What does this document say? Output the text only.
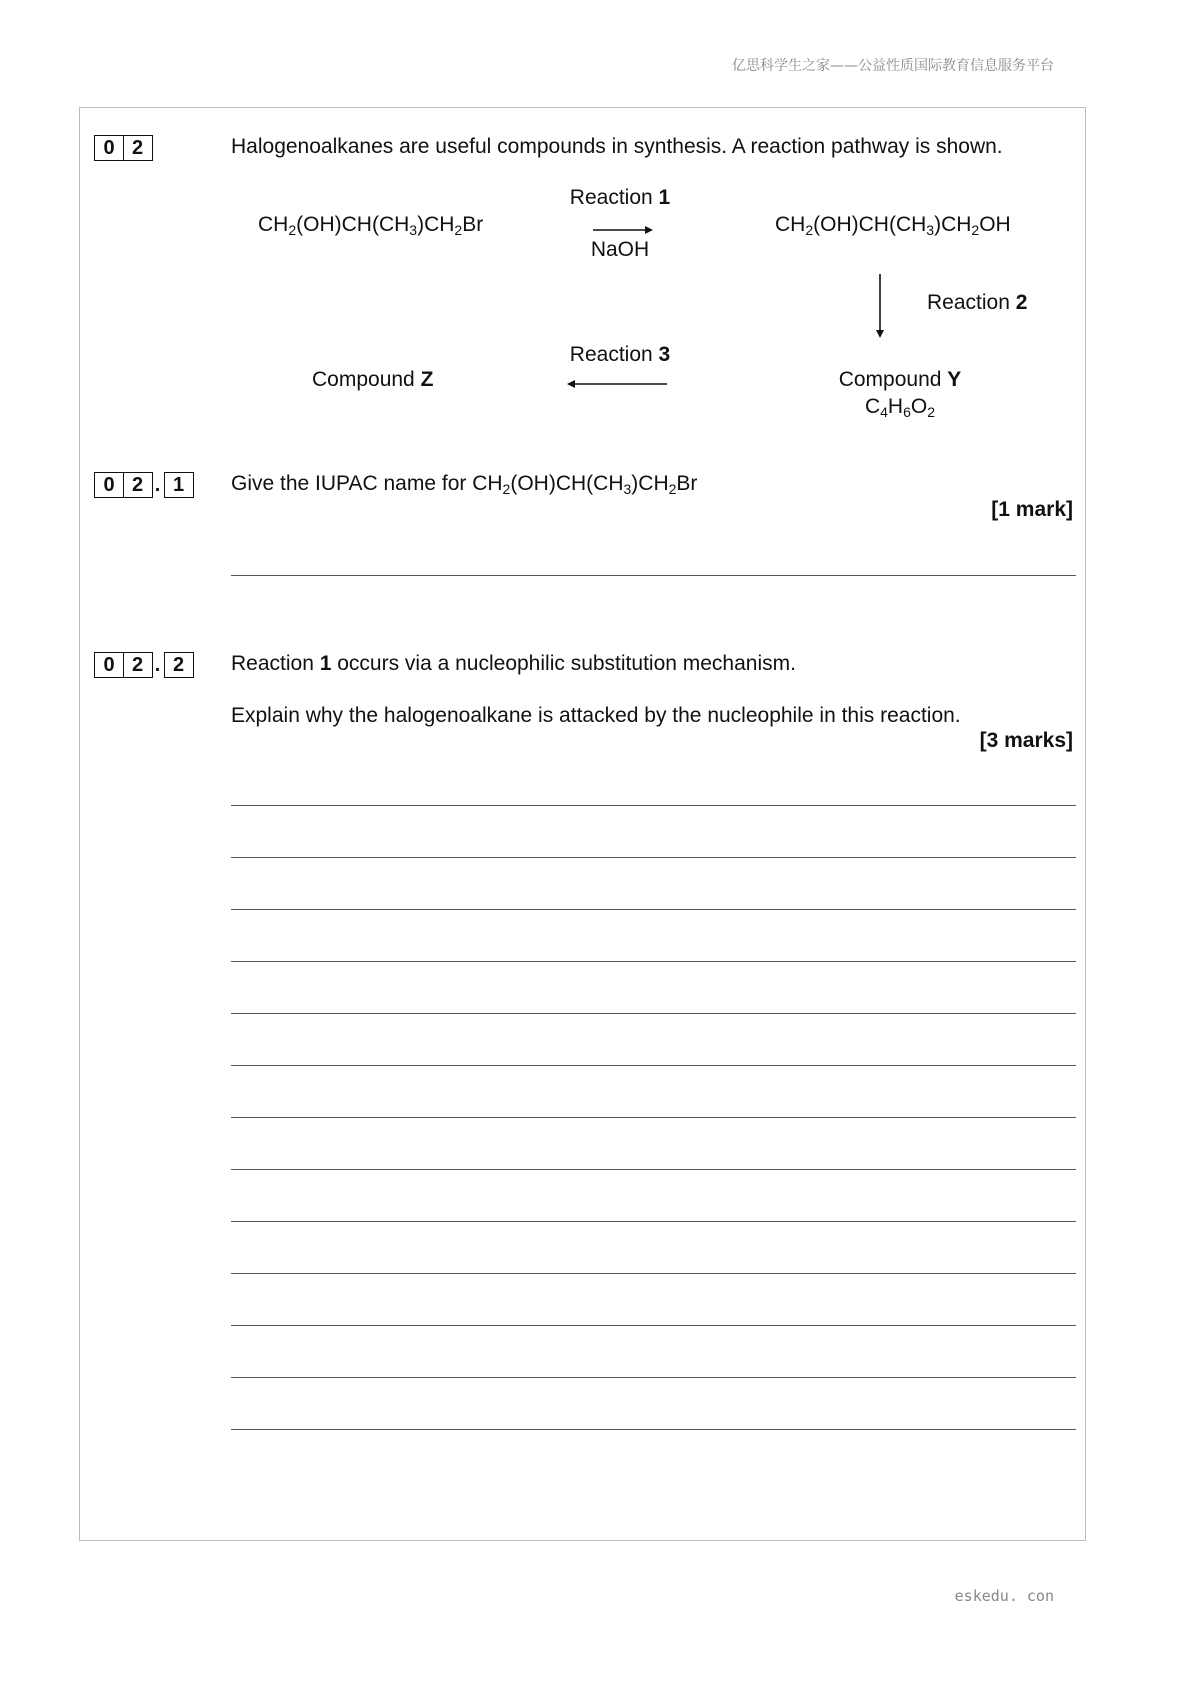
亿思科学生之家——公益性质国际教育信息服务平台
0 2	Halogenoalkanes are useful compounds in synthesis. A reaction pathway is shown.
$CH_2(OH)CH(CH_3)CH_2Br$
Reaction 1
NaOH
$CH_2(OH)CH(CH_3)CH_2OH$
Reaction 2
Reaction 3
Compound Z	Compound Y
$C_4H_6O_2$
0 2 . 1	Give the IUPAC name for $CH_2(OH)CH(CH_3)CH_2Br$
[1 mark]
0 2 . 2	Reaction 1 occurs via a nucleophilic substitution mechanism.
Explain why the halogenoalkane is attacked by the nucleophile in this reaction.
[3 marks]
eskedu. con
